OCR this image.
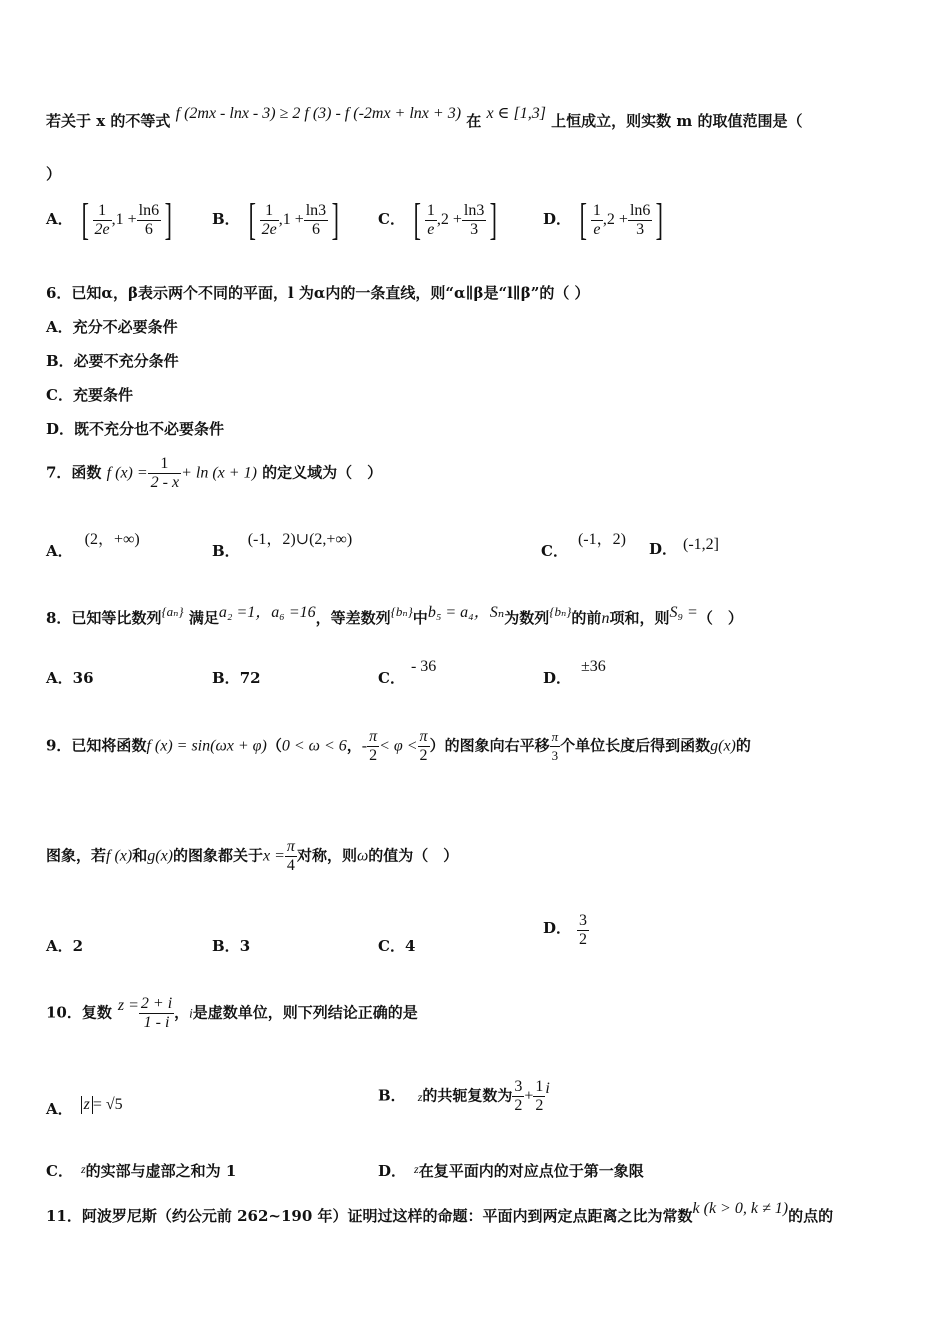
若关于 x 的不等式 f (2mx - lnx - 3) ≥ 2 f (3) - f (-2mx + lnx + 3) 在 x ∈ [1,3] 上恒成立，则实数 m 的取值范围是（
）
A． [ $\frac{1}{2e} ,1 + \frac{\ln 6}{6}$ ]	B． [ $\frac{1}{2e} ,1 + \frac{\ln 3}{6}$ ]	C． [ $\frac{1}{e} ,2 + \frac{\ln 3}{3}$ ]	D． [ $\frac{1}{e} ,2 + \frac{\ln 6}{3}$ ]
6．已知α，β表示两个不同的平面，l 为α内的一条直线，则“α∥β是“l∥β”的（ ）
A．充分不必要条件
B．必要不充分条件
C．充要条件
D．既不充分也不必要条件
7．函数 f $(x) = \frac{1}{2 - x} + \ln (x + 1)$ 的定义域为（　）
A．(2，+∞)
B．(-1，2)∪(2,+∞)
C．(-1，2)
D． (-1,2]
8．已知等比数列{aₙ} 满足a₂ =1，a₆ =16，等差数列{bₙ}中b₅ = a₄，Sₙ为数列{bₙ}的前n项和，则S₉ =（　）
A．36	B．72	C．- 36
D．±36
9．已知将函数f (x) = sin(ωx + φ)（0 < ω < 6，- $\frac{\pi}{2} < \varphi < \frac{\pi}{2}$ ）的图象向右平移 $\frac{\pi}{3}$ 个单位长度后得到函数g(x)的
图象，若f (x)和g(x)的图象都关于$x = \frac{\pi}{4}$ 对称，则ω的值为（　）
A．2	B．3	C．4
D． $\frac{3}{2}$
10．复数 $z = \frac{2 + i}{1 - i}$ ，i是虚数单位，则下列结论正确的是
A． z = √5	B． z的共轭复数为 $\frac{3}{2} + \frac{1}{2}$ i
C． $^z$的实部与虚部之和为 1	D． $^z$在复平面内的对应点位于第一象限
11．阿波罗尼斯（约公元前 262~190 年）证明过这样的命题：平面内到两定点距离之比为常数k (k > 0, k ≠ 1)的点的
